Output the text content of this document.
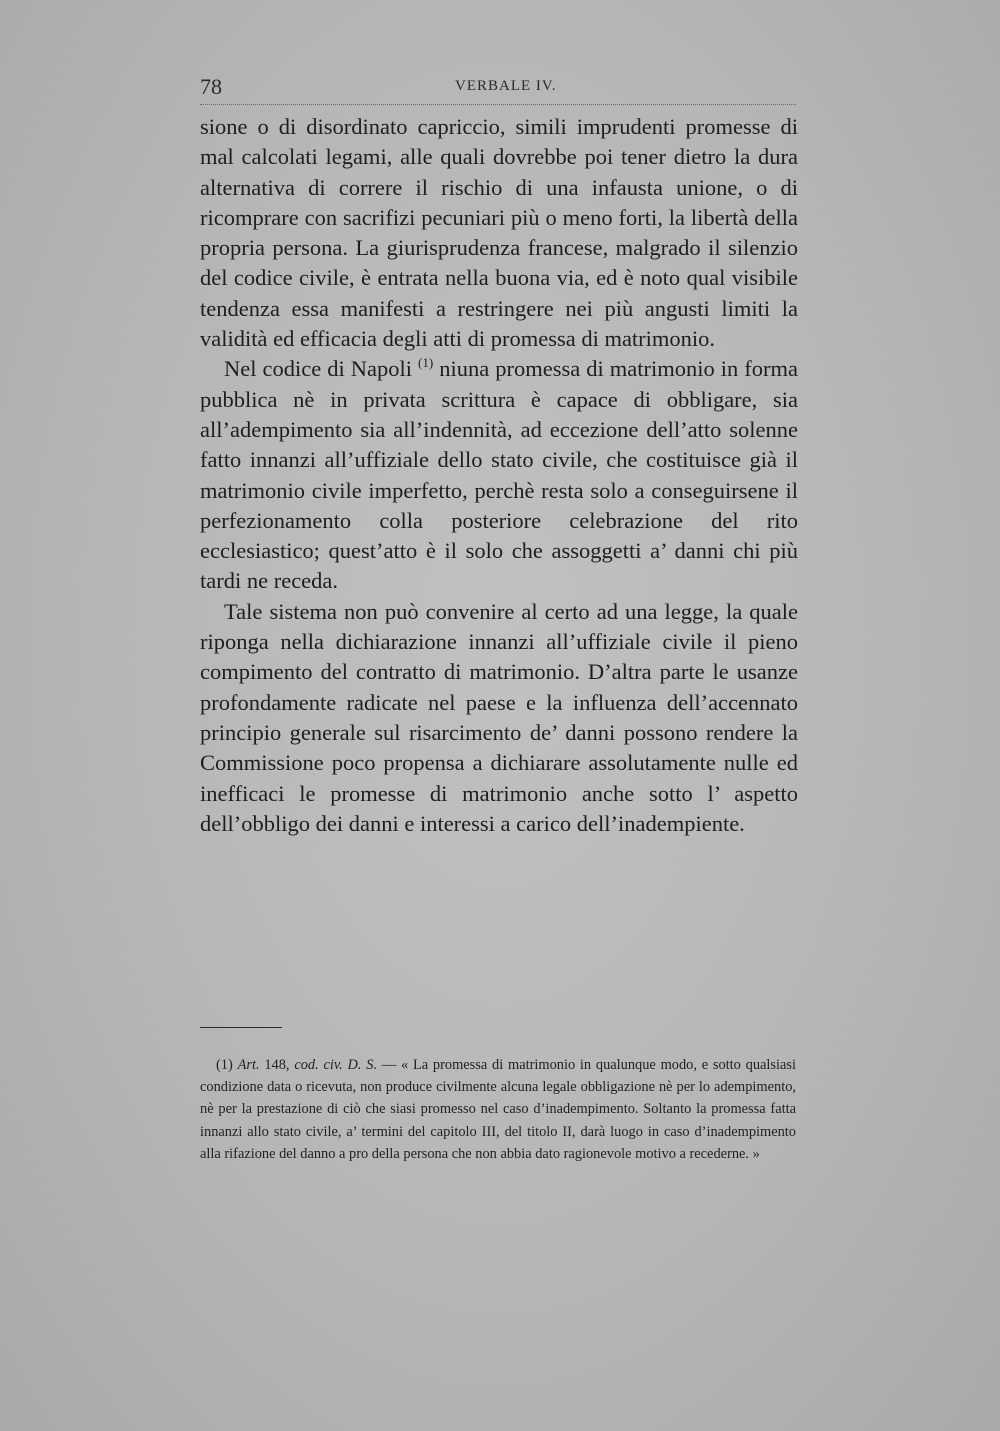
78	VERBALE IV.

sione o di disordinato capriccio, simili imprudenti promesse di mal calcolati legami, alle quali dovrebbe poi tener dietro la dura alternativa di correre il rischio di una infausta unione, o di ricomprare con sacrifizi pecuniari più o meno forti, la libertà della propria persona. La giurisprudenza francese, malgrado il silenzio del codice civile, è entrata nella buona via, ed è noto qual visibile tendenza essa manifesti a restringere nei più angusti limiti la validità ed efficacia degli atti di promessa di matrimonio.

Nel codice di Napoli $^{(1)}$ niuna promessa di matrimonio in forma pubblica nè in privata scrittura è capace di obbligare, sia all’adempimento sia all’indennità, ad eccezione dell’atto solenne fatto innanzi all’uffiziale dello stato civile, che costituisce già il matrimonio civile imperfetto, perchè resta solo a conseguirsene il perfezionamento colla posteriore celebrazione del rito ecclesiastico; quest’atto è il solo che assoggetti a’ danni chi più tardi ne receda.

Tale sistema non può convenire al certo ad una legge, la quale riponga nella dichiarazione innanzi all’uffiziale civile il pieno compimento del contratto di matrimonio. D’altra parte le usanze profondamente radicate nel paese e la influenza dell’accennato principio generale sul risarcimento de’ danni possono rendere la Commissione poco propensa a dichiarare assolutamente nulle ed inefficaci le promesse di matrimonio anche sotto l’ aspetto dell’obbligo dei danni e interessi a carico dell’inadempiente.

(1) Art. 148, cod. civ. D. S. — « La promessa di matrimonio in qualunque modo, e sotto qualsiasi condizione data o ricevuta, non produce civilmente alcuna legale obbligazione nè per lo adempimento, nè per la prestazione di ciò che siasi promesso nel caso d’inadempimento. Soltanto la promessa fatta innanzi allo stato civile, a’ termini del capitolo III, del titolo II, darà luogo in caso d’inadempimento alla rifazione del danno a pro della persona che non abbia dato ragionevole motivo a recederne. »
